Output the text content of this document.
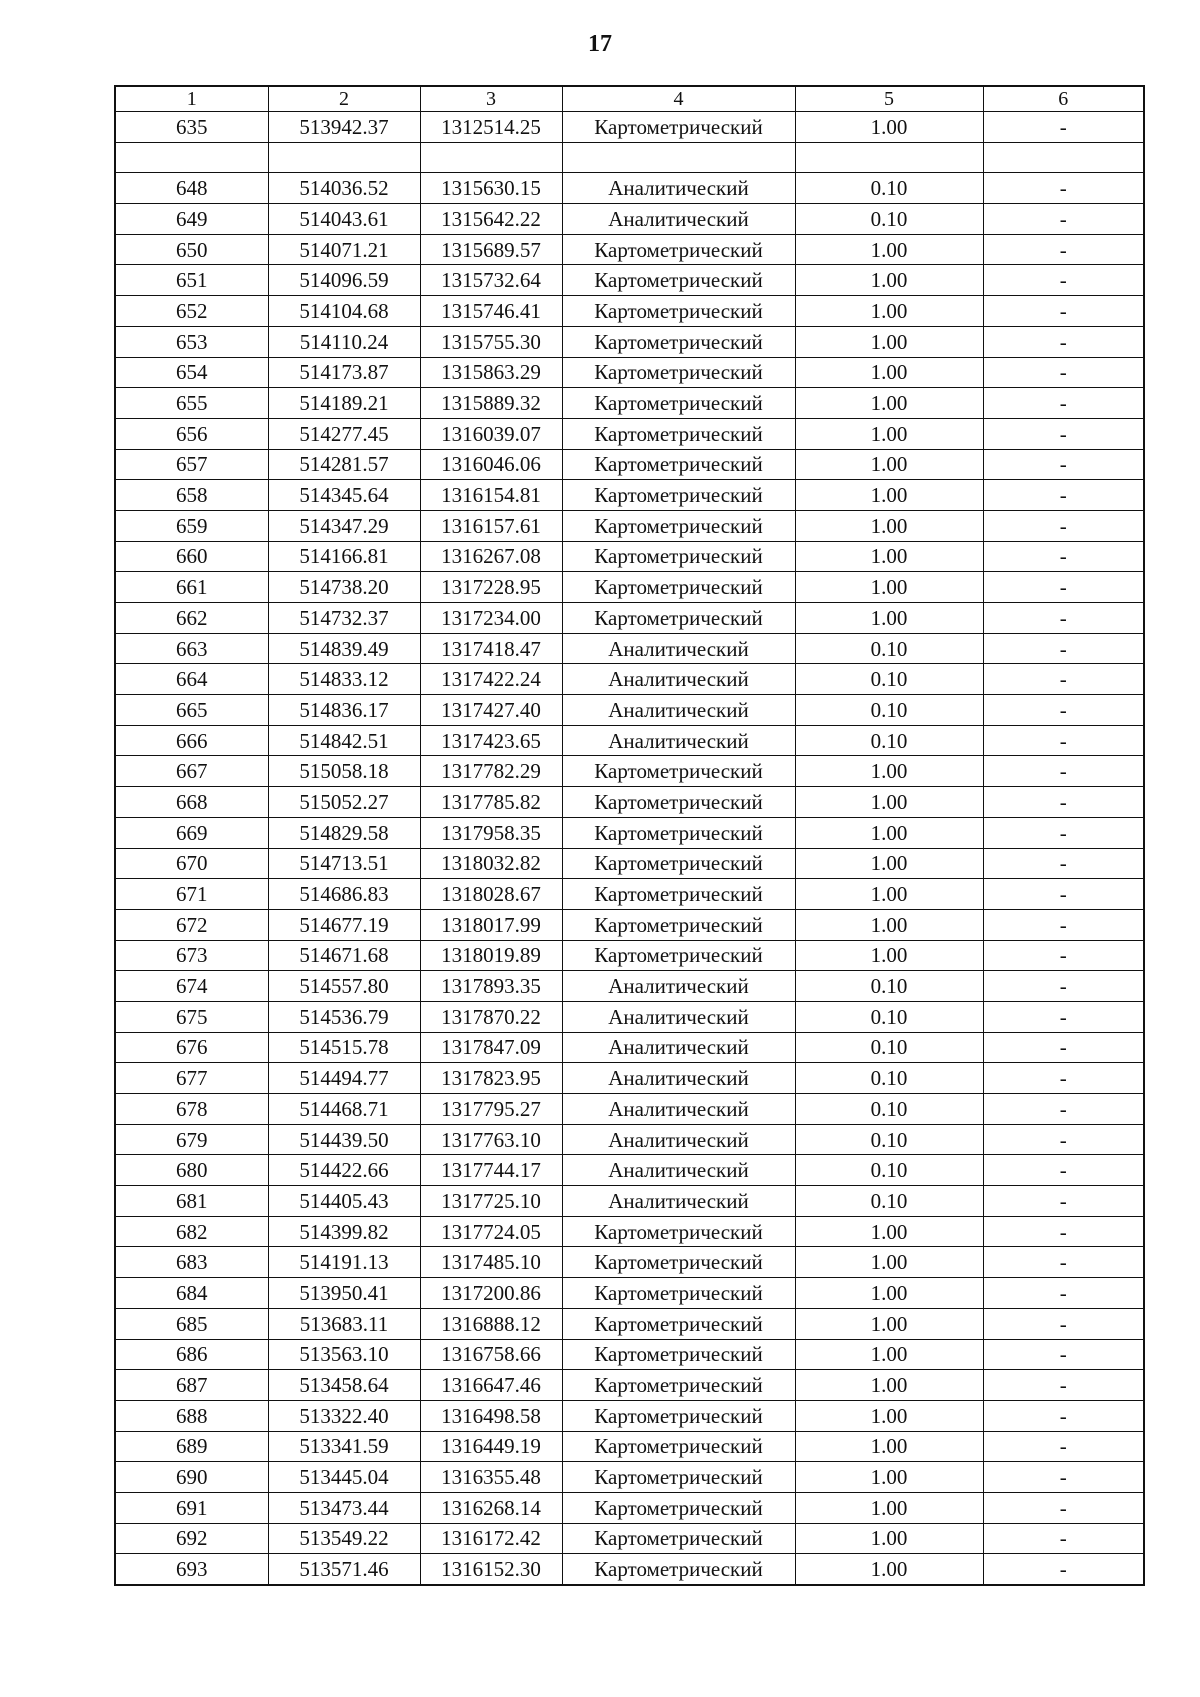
17
1	2	3	4	5	6
635	513942.37	1312514.25	Картометрический	1.00	-

648	514036.52	1315630.15	Аналитический	0.10	-
649	514043.61	1315642.22	Аналитический	0.10	-
650	514071.21	1315689.57	Картометрический	1.00	-
651	514096.59	1315732.64	Картометрический	1.00	-
652	514104.68	1315746.41	Картометрический	1.00	-
653	514110.24	1315755.30	Картометрический	1.00	-
654	514173.87	1315863.29	Картометрический	1.00	-
655	514189.21	1315889.32	Картометрический	1.00	-
656	514277.45	1316039.07	Картометрический	1.00	-
657	514281.57	1316046.06	Картометрический	1.00	-
658	514345.64	1316154.81	Картометрический	1.00	-
659	514347.29	1316157.61	Картометрический	1.00	-
660	514166.81	1316267.08	Картометрический	1.00	-
661	514738.20	1317228.95	Картометрический	1.00	-
662	514732.37	1317234.00	Картометрический	1.00	-
663	514839.49	1317418.47	Аналитический	0.10	-
664	514833.12	1317422.24	Аналитический	0.10	-
665	514836.17	1317427.40	Аналитический	0.10	-
666	514842.51	1317423.65	Аналитический	0.10	-
667	515058.18	1317782.29	Картометрический	1.00	-
668	515052.27	1317785.82	Картометрический	1.00	-
669	514829.58	1317958.35	Картометрический	1.00	-
670	514713.51	1318032.82	Картометрический	1.00	-
671	514686.83	1318028.67	Картометрический	1.00	-
672	514677.19	1318017.99	Картометрический	1.00	-
673	514671.68	1318019.89	Картометрический	1.00	-
674	514557.80	1317893.35	Аналитический	0.10	-
675	514536.79	1317870.22	Аналитический	0.10	-
676	514515.78	1317847.09	Аналитический	0.10	-
677	514494.77	1317823.95	Аналитический	0.10	-
678	514468.71	1317795.27	Аналитический	0.10	-
679	514439.50	1317763.10	Аналитический	0.10	-
680	514422.66	1317744.17	Аналитический	0.10	-
681	514405.43	1317725.10	Аналитический	0.10	-
682	514399.82	1317724.05	Картометрический	1.00	-
683	514191.13	1317485.10	Картометрический	1.00	-
684	513950.41	1317200.86	Картометрический	1.00	-
685	513683.11	1316888.12	Картометрический	1.00	-
686	513563.10	1316758.66	Картометрический	1.00	-
687	513458.64	1316647.46	Картометрический	1.00	-
688	513322.40	1316498.58	Картометрический	1.00	-
689	513341.59	1316449.19	Картометрический	1.00	-
690	513445.04	1316355.48	Картометрический	1.00	-
691	513473.44	1316268.14	Картометрический	1.00	-
692	513549.22	1316172.42	Картометрический	1.00	-
693	513571.46	1316152.30	Картометрический	1.00	-
